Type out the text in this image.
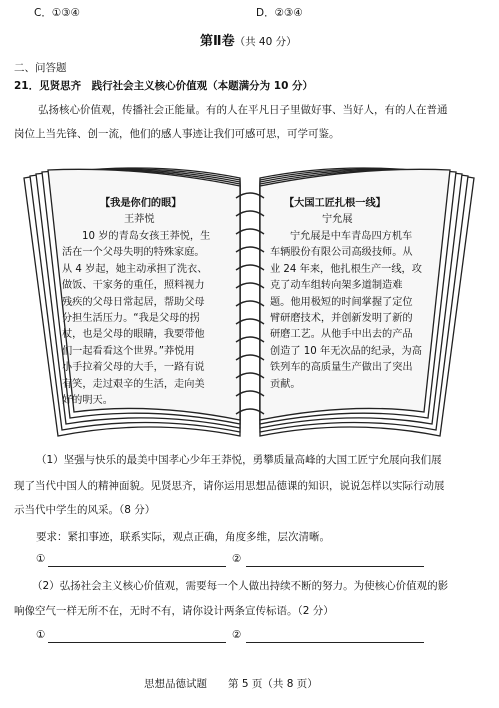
C．①③④	D．②③④
第Ⅱ卷（共 40 分）
二、问答题
21．见贤思齐　践行社会主义核心价值观（本题满分为 10 分）
弘扬核心价值观，传播社会正能量。有的人在平凡日子里做好事、当好人，有的人在普通
岗位上当先锋、创一流，他们的感人事迹让我们可感可思，可学可鉴。
【我是你们的眼】
王莽悦
10 岁的青岛女孩王莽悦，生
活在一个父母失明的特殊家庭。
从 4 岁起，她主动承担了洗衣、
做饭、干家务的重任，照料视力
残疾的父母日常起居，帮助父母
分担生活压力。“我是父母的拐
杖，也是父母的眼睛，我要带他
们一起看看这个世界。”莽悦用
小手拉着父母的大手，一路有说
有笑，走过艰辛的生活，走向美
好的明天。
【大国工匠扎根一线】
宁允展
宁允展是中车青岛四方机车
车辆股份有限公司高级技师。从
业 24 年来，他扎根生产一线，攻
克了动车组转向架多道制造难
题。他用极短的时间掌握了定位
臂研磨技术，并创新发明了新的
研磨工艺。从他手中出去的产品
创造了 10 年无次品的纪录，为高
铁列车的高质量生产做出了突出
贡献。
（1）坚强与快乐的最美中国孝心少年王莽悦，勇攀质量高峰的大国工匠宁允展向我们展
现了当代中国人的精神面貌。见贤思齐，请你运用思想品德课的知识，说说怎样以实际行动展
示当代中学生的风采。（8 分）
要求：紧扣事迹，联系实际，观点正确，角度多维，层次清晰。
①	②
（2）弘扬社会主义核心价值观，需要每一个人做出持续不断的努力。为使核心价值观的影
响像空气一样无所不在，无时不有，请你设计两条宣传标语。（2 分）
①	②
思想品德试题　　第 5 页（共 8 页）
